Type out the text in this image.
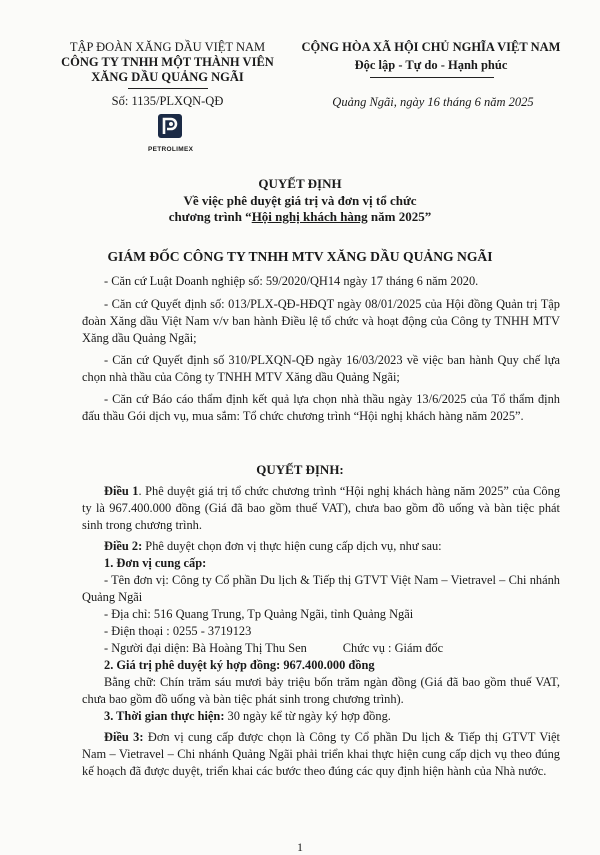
TẬP ĐOÀN XĂNG DẦU VIỆT NAM
CÔNG TY TNHH MỘT THÀNH VIÊN
XĂNG DẦU QUẢNG NGÃI
Số: 1135/PLXQN-QĐ
PETROLIMEX
CỘNG HÒA XÃ HỘI CHỦ NGHĨA VIỆT NAM
Độc lập - Tự do - Hạnh phúc
Quảng Ngãi, ngày 16 tháng 6 năm 2025
QUYẾT ĐỊNH
Về việc phê duyệt giá trị và đơn vị tổ chức
chương trình “Hội nghị khách hàng năm 2025”
GIÁM ĐỐC CÔNG TY TNHH MTV XĂNG DẦU QUẢNG NGÃI
- Căn cứ Luật Doanh nghiệp số: 59/2020/QH14 ngày 17 tháng 6 năm 2020.
- Căn cứ Quyết định số: 013/PLX-QĐ-HĐQT ngày 08/01/2025 của Hội đồng Quản trị Tập đoàn Xăng dầu Việt Nam v/v ban hành Điều lệ tổ chức và hoạt động của Công ty TNHH MTV Xăng dầu Quảng Ngãi;
- Căn cứ Quyết định số 310/PLXQN-QĐ ngày 16/03/2023 về việc ban hành Quy chế lựa chọn nhà thầu của Công ty TNHH MTV Xăng dầu Quảng Ngãi;
- Căn cứ Báo cáo thẩm định kết quả lựa chọn nhà thầu ngày 13/6/2025 của Tổ thẩm định đấu thầu Gói dịch vụ, mua sắm: Tổ chức chương trình “Hội nghị khách hàng năm 2025”.
QUYẾT ĐỊNH:
Điều 1. Phê duyệt giá trị tổ chức chương trình “Hội nghị khách hàng năm 2025” của Công ty là 967.400.000 đồng (Giá đã bao gồm thuế VAT), chưa bao gồm đồ uống và bàn tiệc phát sinh trong chương trình.
Điều 2: Phê duyệt chọn đơn vị thực hiện cung cấp dịch vụ, như sau:
1. Đơn vị cung cấp:
- Tên đơn vị: Công ty Cổ phần Du lịch & Tiếp thị GTVT Việt Nam – Vietravel – Chi nhánh Quảng Ngãi
- Địa chỉ: 516 Quang Trung, Tp Quảng Ngãi, tỉnh Quảng Ngãi
- Điện thoại : 0255 - 3719123
- Người đại diện: Bà Hoàng Thị Thu Sen	Chức vụ : Giám đốc
2. Giá trị phê duyệt ký hợp đồng: 967.400.000 đồng
Bằng chữ: Chín trăm sáu mươi bảy triệu bốn trăm ngàn đồng (Giá đã bao gồm thuế VAT, chưa bao gồm đồ uống và bàn tiệc phát sinh trong chương trình).
3. Thời gian thực hiện: 30 ngày kể từ ngày ký hợp đồng.
Điều 3: Đơn vị cung cấp được chọn là Công ty Cổ phần Du lịch & Tiếp thị GTVT Việt Nam – Vietravel – Chi nhánh Quảng Ngãi phải triển khai thực hiện cung cấp dịch vụ theo đúng kế hoạch đã được duyệt, triển khai các bước theo đúng các quy định hiện hành của Nhà nước.
1
